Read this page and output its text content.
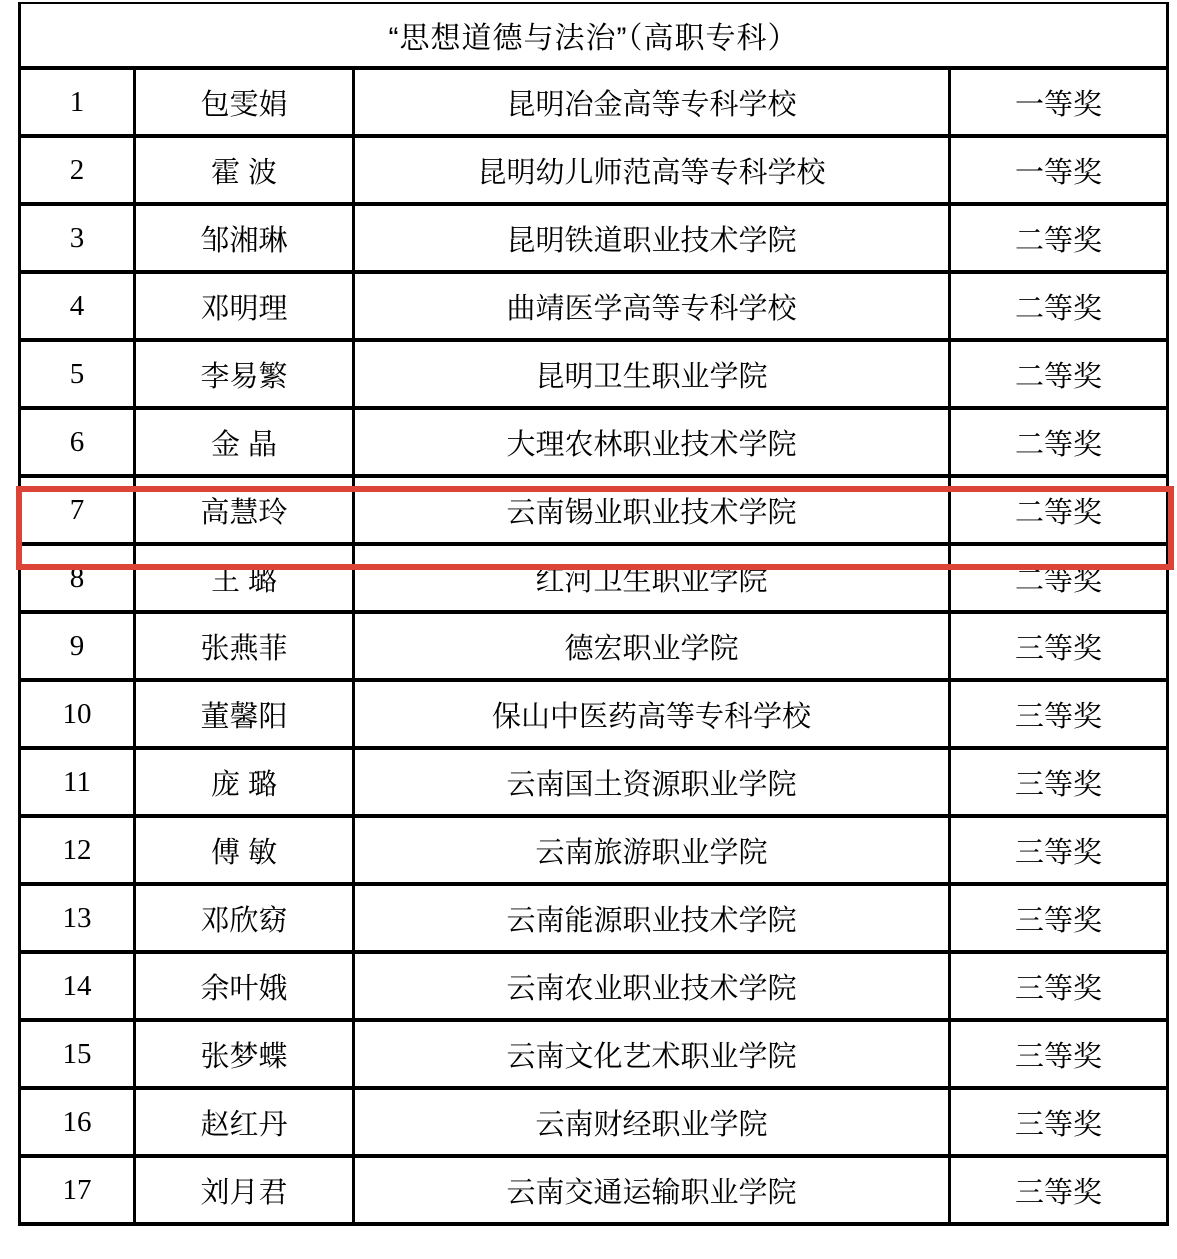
“思想道德与法治”（高职专科）			
1	包雯娟	昆明冶金高等专科学校	一等奖
2	霍 波	昆明幼儿师范高等专科学校	一等奖
3	邹湘琳	昆明铁道职业技术学院	二等奖
4	邓明理	曲靖医学高等专科学校	二等奖
5	李易繁	昆明卫生职业学院	二等奖
6	金 晶	大理农林职业技术学院	二等奖
7	高慧玲	云南锡业职业技术学院	二等奖
8	王 璐	红河卫生职业学院	二等奖
9	张燕菲	德宏职业学院	三等奖
10	董馨阳	保山中医药高等专科学校	三等奖
11	庞 璐	云南国土资源职业学院	三等奖
12	傅 敏	云南旅游职业学院	三等奖
13	邓欣窈	云南能源职业技术学院	三等奖
14	余叶娥	云南农业职业技术学院	三等奖
15	张梦蝶	云南文化艺术职业学院	三等奖
16	赵红丹	云南财经职业学院	三等奖
17	刘月君	云南交通运输职业学院	三等奖
